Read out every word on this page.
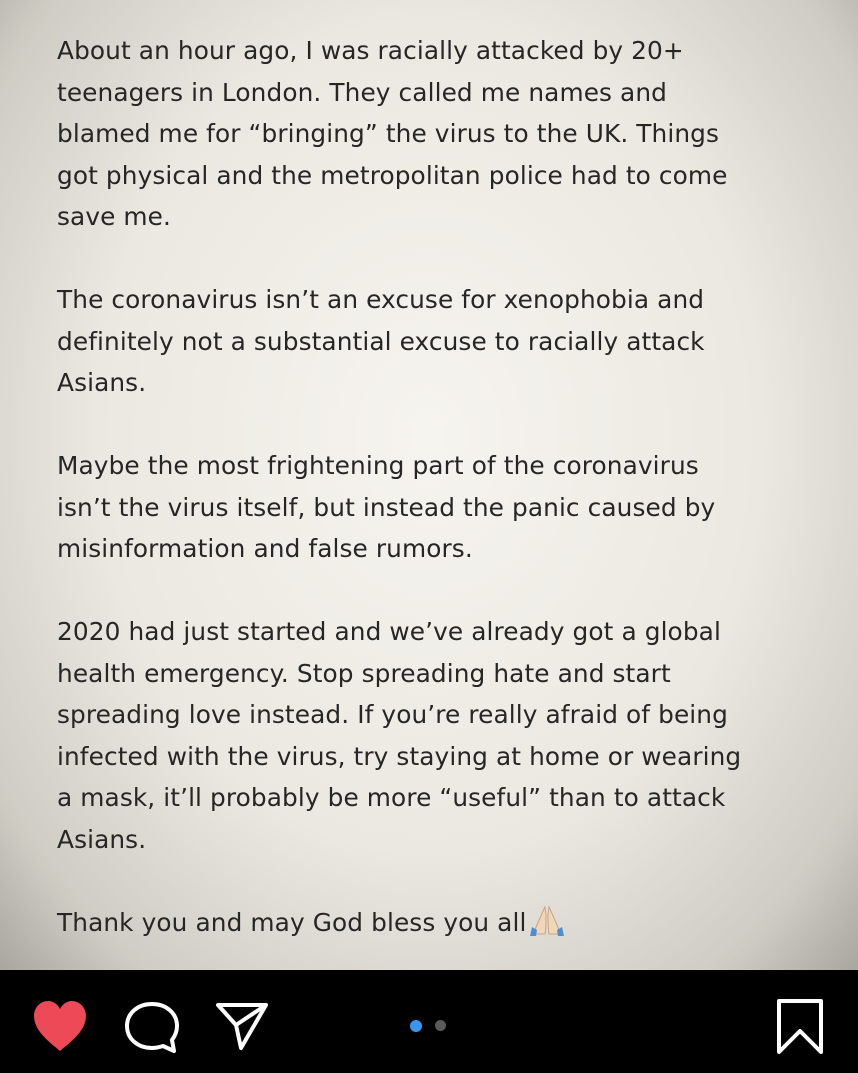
About an hour ago, I was racially attacked by 20+
teenagers in London. They called me names and
blamed me for “bringing” the virus to the UK. Things
got physical and the metropolitan police had to come
save me.

The coronavirus isn’t an excuse for xenophobia and
definitely not a substantial excuse to racially attack
Asians.

Maybe the most frightening part of the coronavirus
isn’t the virus itself, but instead the panic caused by
misinformation and false rumors.

2020 had just started and we’ve already got a global
health emergency. Stop spreading hate and start
spreading love instead. If you’re really afraid of being
infected with the virus, try staying at home or wearing
a mask, it’ll probably be more “useful” than to attack
Asians.

Thank you and may God bless you all
